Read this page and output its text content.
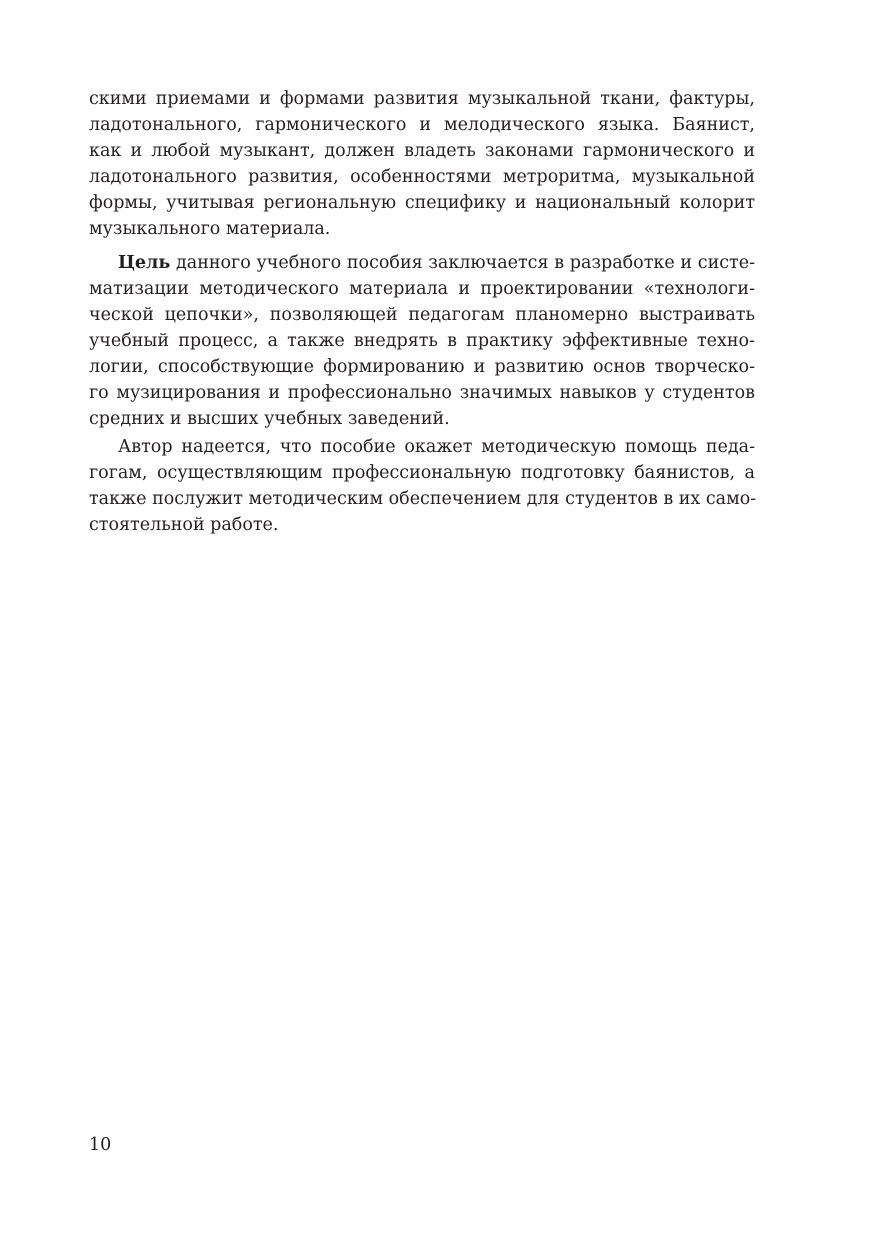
скими приемами и формами развития музыкальной ткани, фактуры,
ладотонального, гармонического и мелодического языка. Баянист,
как и любой музыкант, должен владеть законами гармонического и
ладотонального развития, особенностями метроритма, музыкальной
формы, учитывая региональную специфику и национальный колорит
музыкального материала.
Цель данного учебного пособия заключается в разработке и систе-
матизации методического материала и проектировании «технологи-
ческой цепочки», позволяющей педагогам планомерно выстраивать
учебный процесс, а также внедрять в практику эффективные техно-
логии, способствующие формированию и развитию основ творческо-
го музицирования и профессионально значимых навыков у студентов
средних и высших учебных заведений.
Автор надеется, что пособие окажет методическую помощь педа-
гогам, осуществляющим профессиональную подготовку баянистов, а
также послужит методическим обеспечением для студентов в их само-
стоятельной работе.
10
